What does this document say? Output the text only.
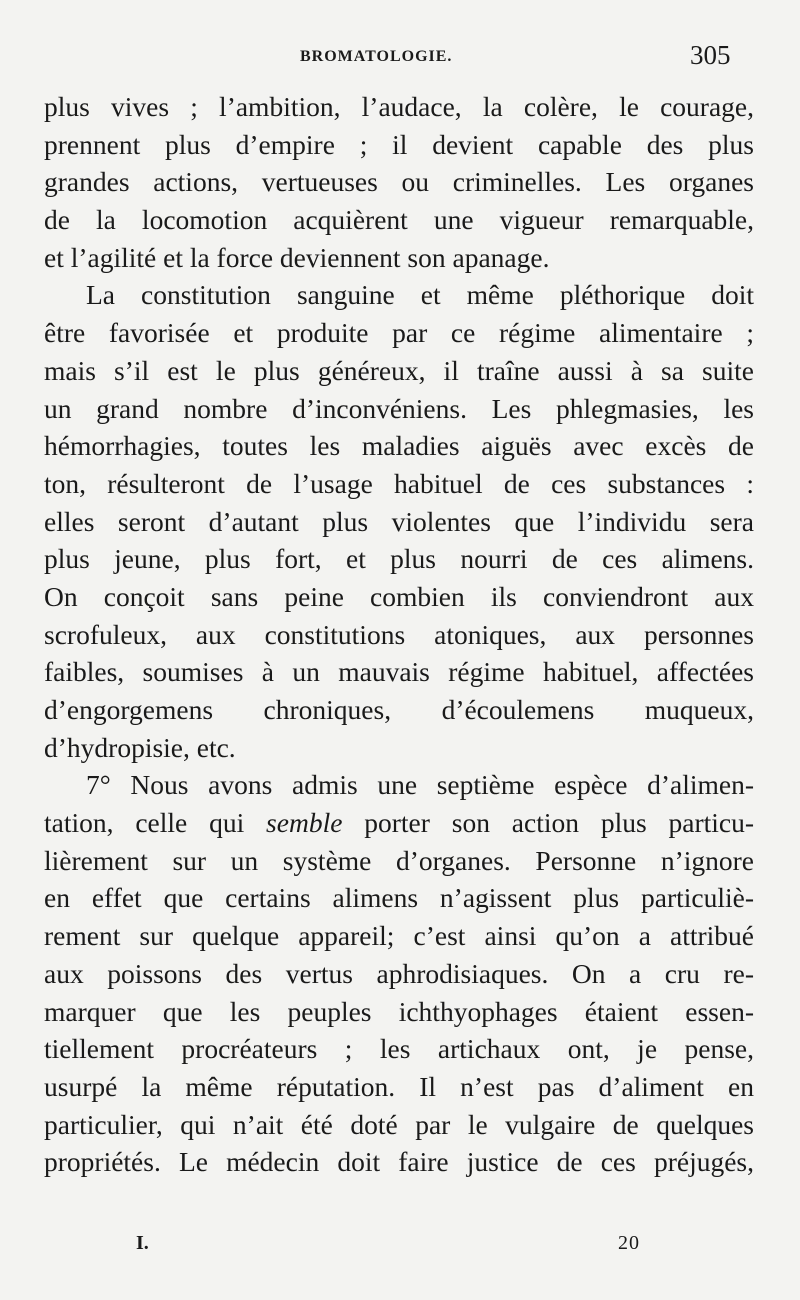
BROMATOLOGIE.	305
plus vives ; l’ambition, l’audace, la colère, le courage,
prennent plus d’empire ; il devient capable des plus
grandes actions, vertueuses ou criminelles. Les organes
de la locomotion acquièrent une vigueur remarquable,
et l’agilité et la force deviennent son apanage.
La constitution sanguine et même pléthorique doit
être favorisée et produite par ce régime alimentaire ;
mais s’il est le plus généreux, il traîne aussi à sa suite
un grand nombre d’inconvéniens. Les phlegmasies, les
hémorrhagies, toutes les maladies aiguës avec excès de
ton, résulteront de l’usage habituel de ces substances :
elles seront d’autant plus violentes que l’individu sera
plus jeune, plus fort, et plus nourri de ces alimens.
On conçoit sans peine combien ils conviendront aux
scrofuleux, aux constitutions atoniques, aux personnes
faibles, soumises à un mauvais régime habituel, affectées
d’engorgemens chroniques, d’écoulemens muqueux,
d’hydropisie, etc.
7° Nous avons admis une septième espèce d’alimen-
tation, celle qui semble porter son action plus particu-
lièrement sur un système d’organes. Personne n’ignore
en effet que certains alimens n’agissent plus particuliè-
rement sur quelque appareil; c’est ainsi qu’on a attribué
aux poissons des vertus aphrodisiaques. On a cru re-
marquer que les peuples ichthyophages étaient essen-
tiellement procréateurs ; les artichaux ont, je pense,
usurpé la même réputation. Il n’est pas d’aliment en
particulier, qui n’ait été doté par le vulgaire de quelques
propriétés. Le médecin doit faire justice de ces préjugés,
I.	20
